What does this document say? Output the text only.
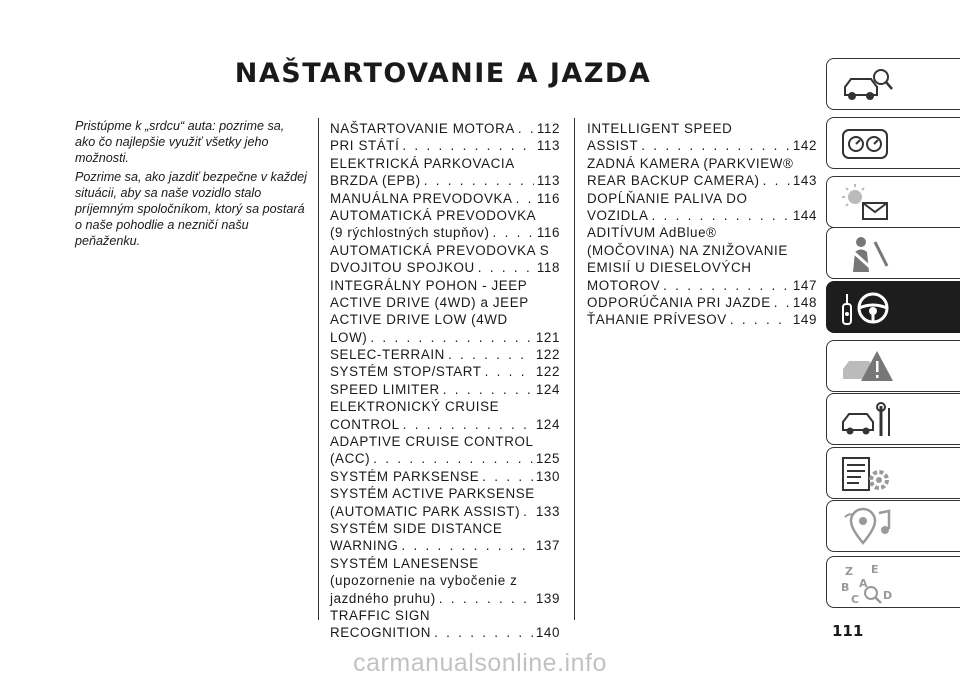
NAŠTARTOVANIE A JAZDA

Pristúpme k „srdcu“ auta: pozrime sa, ako čo najlepšie využiť všetky jeho možnosti.

Pozrime sa, ako jazdiť bezpečne v každej situácii, aby sa naše vozidlo stalo príjemným spoločníkom, ktorý sa postará o naše pohodlie a nezničí našu peňaženku.

NAŠTARTOVANIE MOTORA . . . 112
PRI STÁTÍ . . .	113
ELEKTRICKÁ PARKOVACIA
BRZDA (EPB) . . .	113
MANUÁLNA PREVODOVKA . . . 116
AUTOMATICKÁ PREVODOVKA
(9 rýchlostných stupňov) . . .	116
AUTOMATICKÁ PREVODOVKA S
DVOJITOU SPOJKOU . . .	118
INTEGRÁLNY POHON - JEEP
ACTIVE DRIVE (4WD) a JEEP
ACTIVE DRIVE LOW (4WD
LOW) . . .	121
SELEC-TERRAIN . . .	122
SYSTÉM STOP/START . . .	122
SPEED LIMITER . . .	124
ELEKTRONICKÝ CRUISE
CONTROL . . .	124
ADAPTIVE CRUISE CONTROL
(ACC) . . .	125
SYSTÉM PARKSENSE . . .	130
SYSTÉM ACTIVE PARKSENSE
(AUTOMATIC PARK ASSIST) . . . 133
SYSTÉM SIDE DISTANCE
WARNING . . .	137
SYSTÉM LANESENSE
(upozornenie na vybočenie z
jazdného pruhu) . . .	139
TRAFFIC SIGN
RECOGNITION . . .	140
INTELLIGENT SPEED
ASSIST . . .	142
ZADNÁ KAMERA (PARKVIEW®
REAR BACKUP CAMERA) . . . 143
DOPĹŇANIE PALIVA DO
VOZIDLA . . .	144
ADITÍVUM AdBlue®
(MOČOVINA) NA ZNIŽOVANIE
EMISIÍ U DIESELOVÝCH
MOTOROV . . .	147
ODPORÚČANIA PRI JAZDE . . . 148
ŤAHANIE PRÍVESOV . . .	149
Z E
B A
C D
111
carmanualsonline.info
